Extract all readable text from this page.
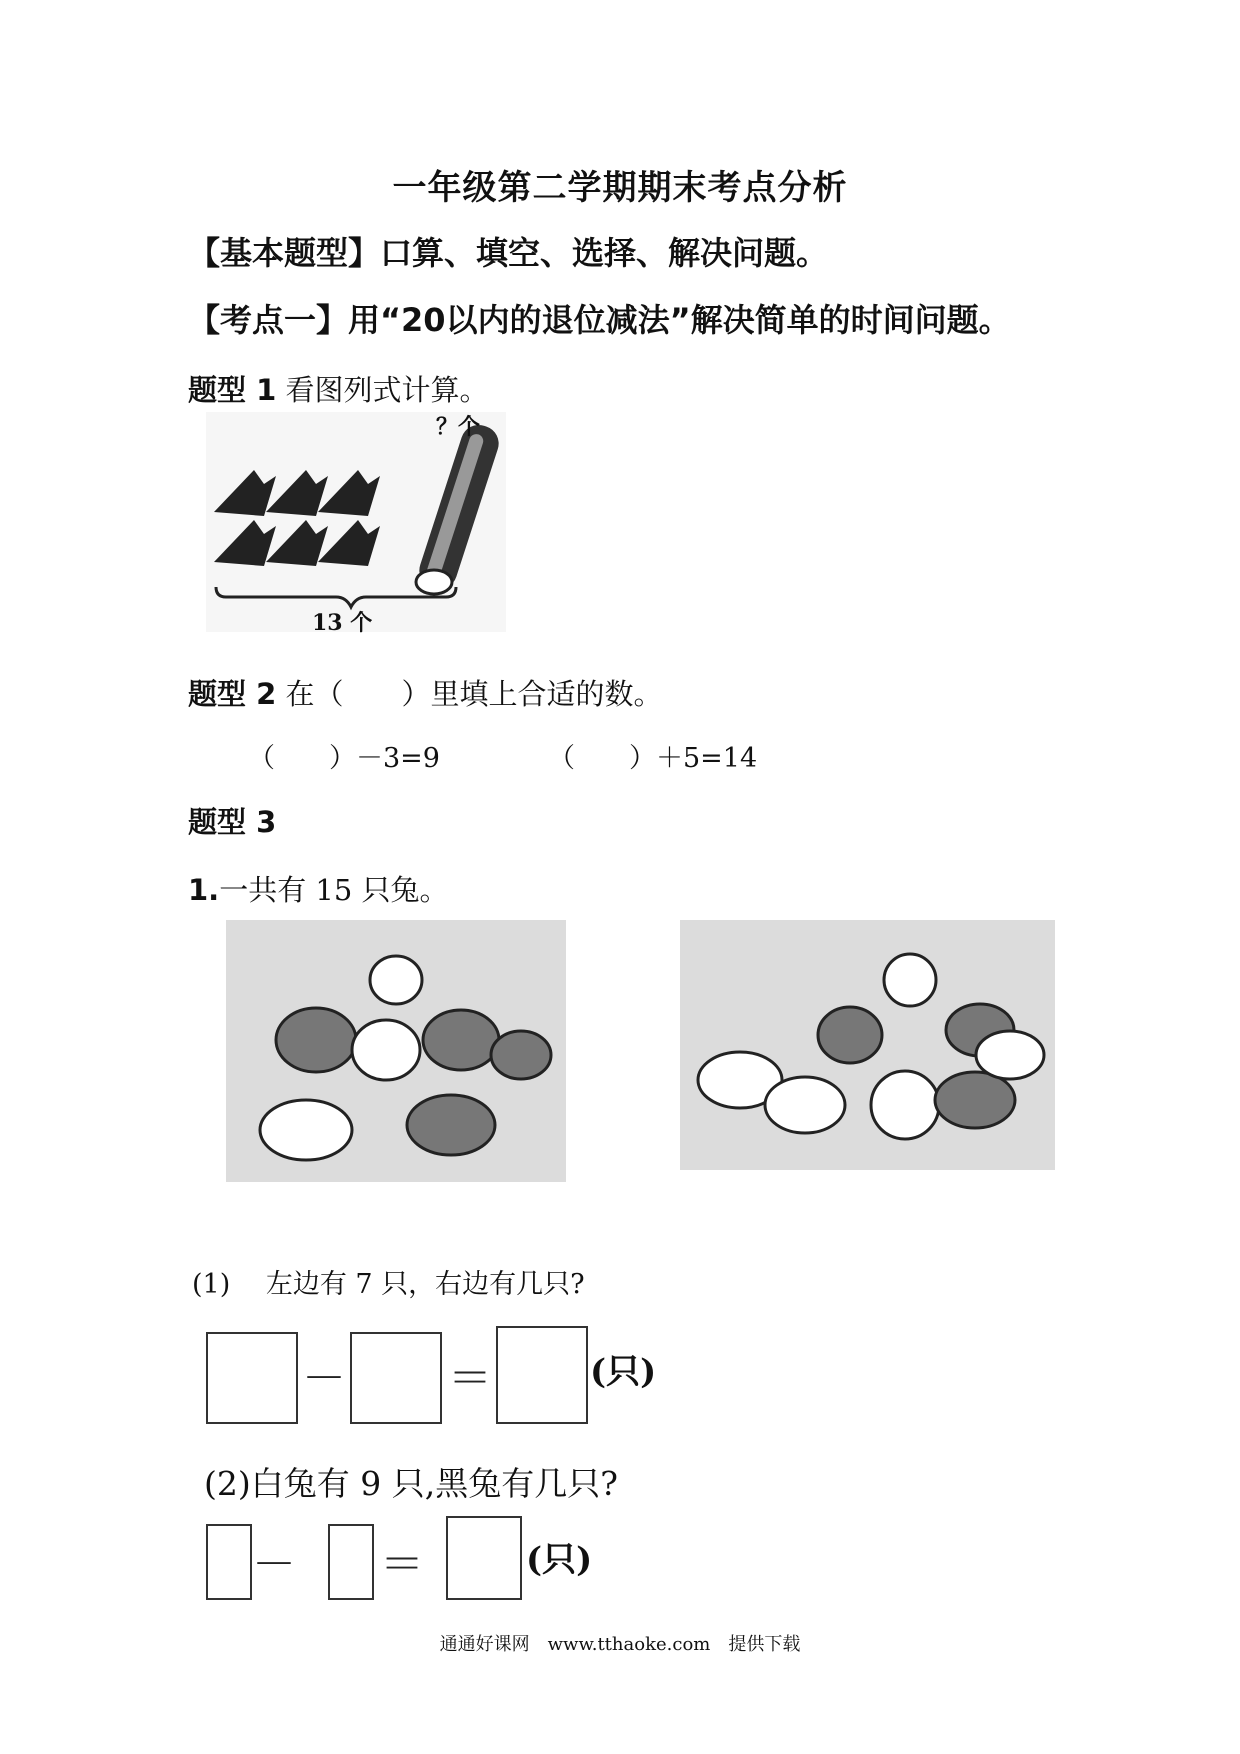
一年级第二学期期末考点分析
【基本题型】口算、填空、选择、解决问题。
【考点一】用“20以内的退位减法”解决简单的时间问题。
题型 1 看图列式计算。
？个
13 个
题型 2 在（　　）里填上合适的数。
（　　）－3=9	（　　）＋5=14
题型 3
1.一共有 15 只兔。
(1)　 左边有 7 只，右边有几只?
－ ＝	(只)
(2)白兔有 9 只,黑兔有几只?
－ ＝	(只)
通通好课网　www.tthaoke.com　提供下载
